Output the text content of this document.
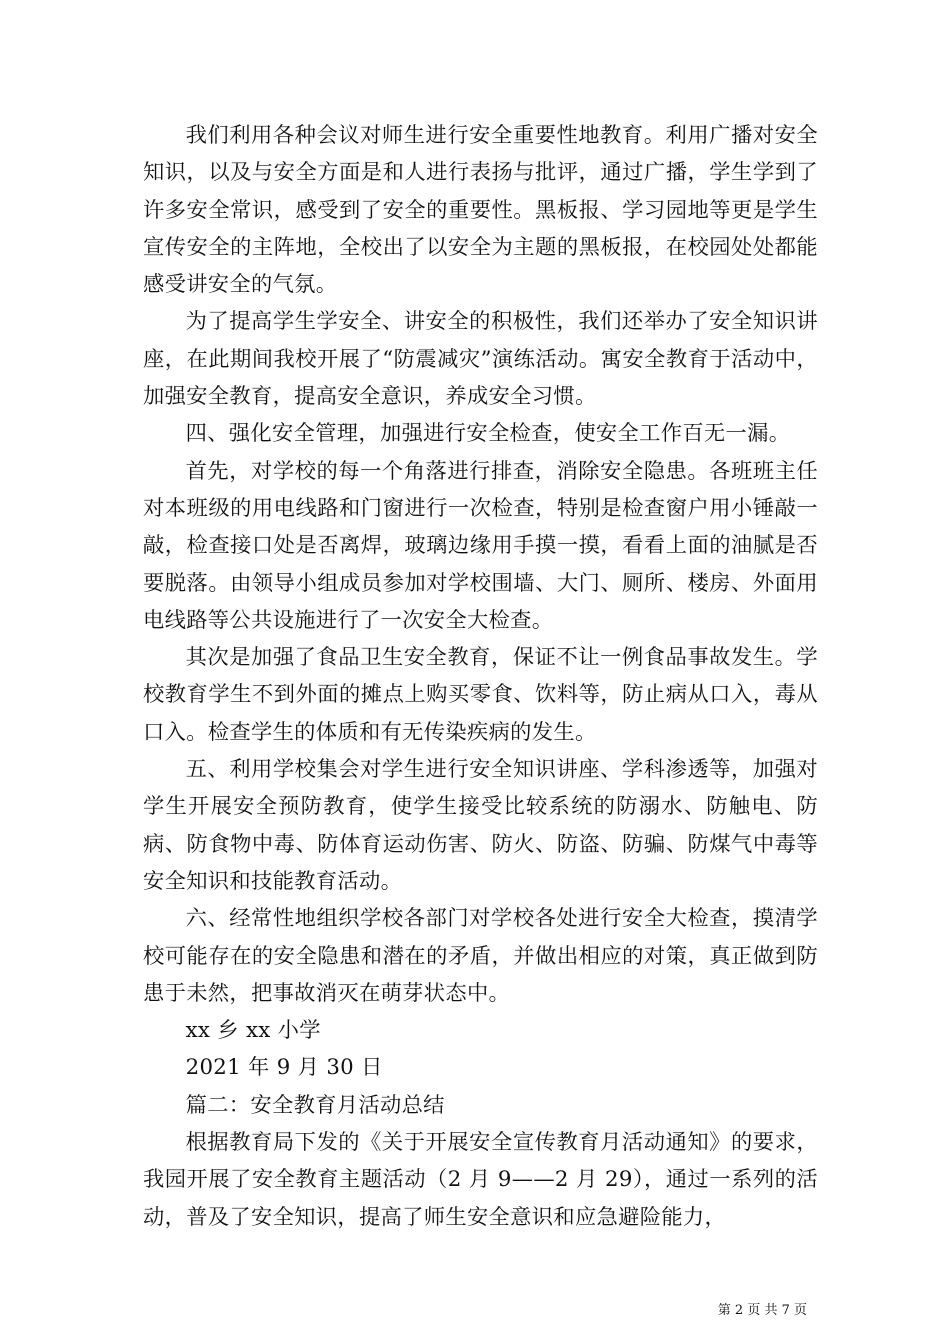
我们利用各种会议对师生进行安全重要性地教育。利用广播对安全知识，以及与安全方面是和人进行表扬与批评，通过广播，学生学到了许多安全常识，感受到了安全的重要性。黑板报、学习园地等更是学生宣传安全的主阵地，全校出了以安全为主题的黑板报，在校园处处都能感受讲安全的气氛。

为了提高学生学安全、讲安全的积极性，我们还举办了安全知识讲座，在此期间我校开展了“防震减灾”演练活动。寓安全教育于活动中，加强安全教育，提高安全意识，养成安全习惯。

四、强化安全管理，加强进行安全检查，使安全工作百无一漏。

首先，对学校的每一个角落进行排查，消除安全隐患。各班班主任对本班级的用电线路和门窗进行一次检查，特别是检查窗户用小锤敲一敲，检查接口处是否离焊，玻璃边缘用手摸一摸，看看上面的油腻是否要脱落。由领导小组成员参加对学校围墙、大门、厕所、楼房、外面用电线路等公共设施进行了一次安全大检查。

其次是加强了食品卫生安全教育，保证不让一例食品事故发生。学校教育学生不到外面的摊点上购买零食、饮料等，防止病从口入，毒从口入。检查学生的体质和有无传染疾病的发生。

五、利用学校集会对学生进行安全知识讲座、学科渗透等，加强对学生开展安全预防教育，使学生接受比较系统的防溺水、防触电、防病、防食物中毒、防体育运动伤害、防火、防盗、防骗、防煤气中毒等安全知识和技能教育活动。

六、经常性地组织学校各部门对学校各处进行安全大检查，摸清学校可能存在的安全隐患和潜在的矛盾，并做出相应的对策，真正做到防患于未然，把事故消灭在萌芽状态中。

xx 乡 xx 小学

2021 年 9 月 30 日

篇二：安全教育月活动总结

根据教育局下发的《关于开展安全宣传教育月活动通知》的要求，我园开展了安全教育主题活动（2 月 9——2 月 29），通过一系列的活动，普及了安全知识，提高了师生安全意识和应急避险能力，

第 2 页 共 7 页
